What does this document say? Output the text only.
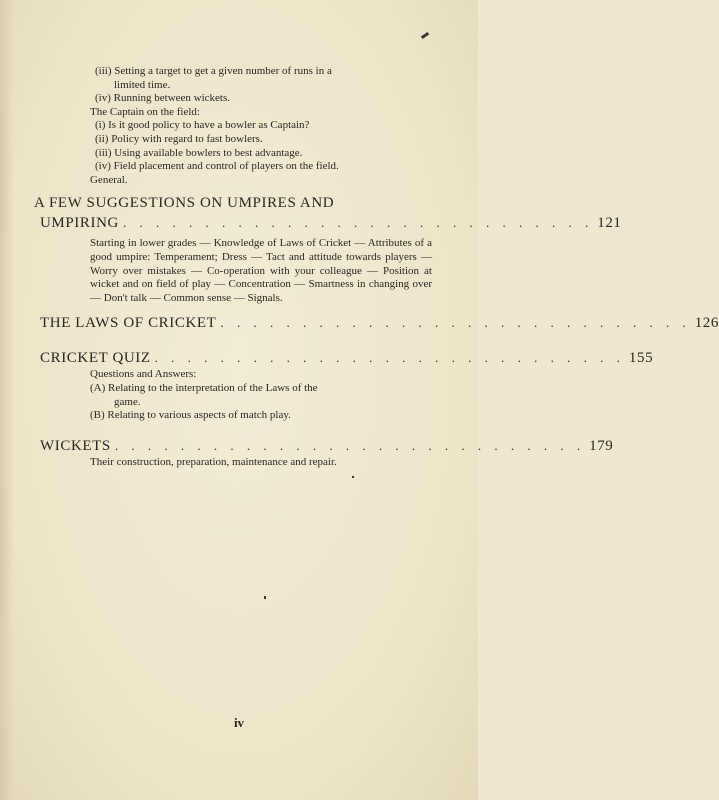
(iii) Setting a target to get a given number of runs in a
limited time.
(iv) Running between wickets.
The Captain on the field:
(i) Is it good policy to have a bowler as Captain?
(ii) Policy with regard to fast bowlers.
(iii) Using available bowlers to best advantage.
(iv) Field placement and control of players on the field.
General.
A FEW SUGGESTIONS ON UMPIRES AND
UMPIRING . . . . . . . . . . . . . . . . . . . . . . . . . . . . . 121
Starting in lower grades — Knowledge of Laws of Cricket — Attributes of a good umpire: Temperament; Dress — Tact and attitude towards players — Worry over mistakes — Co-operation with your colleague — Position at wicket and on field of play — Concentration — Smartness in changing over — Don't talk — Common sense — Signals.
THE LAWS OF CRICKET . . . . . . . . . . . . . . . . . . . . . . . . . . . . . 126
CRICKET QUIZ . . . . . . . . . . . . . . . . . . . . . . . . . . . . . 155
Questions and Answers:
(A) Relating to the interpretation of the Laws of the
game.
(B) Relating to various aspects of match play.
WICKETS . . . . . . . . . . . . . . . . . . . . . . . . . . . . . 179
Their construction, preparation, maintenance and repair.
iv
